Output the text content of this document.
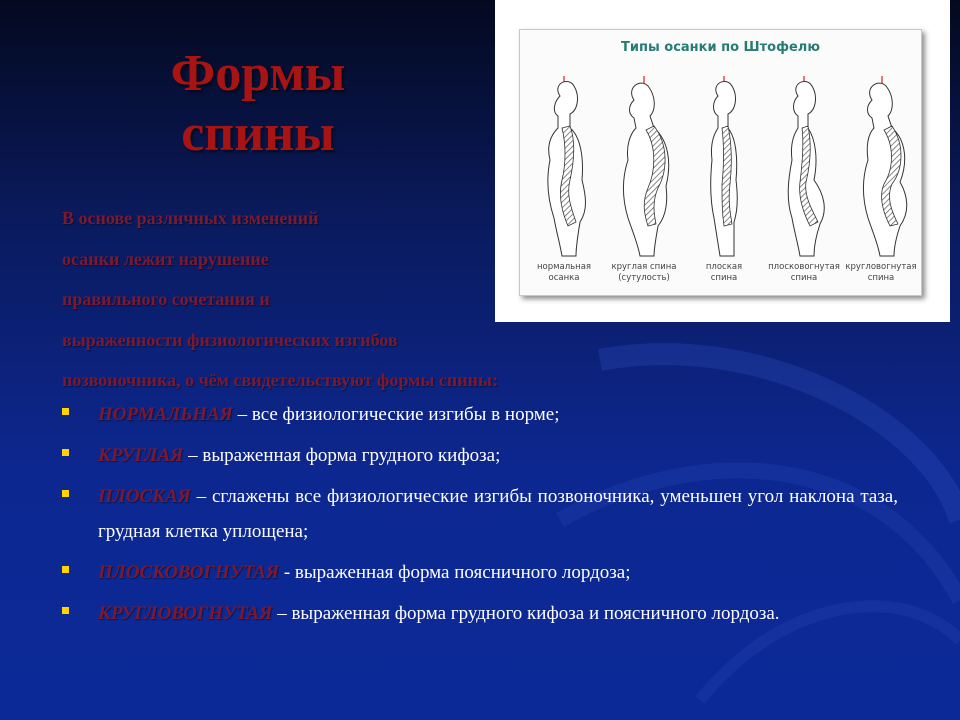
Формы
спины
В основе различных изменений
осанки лежит нарушение
правильного сочетания и
выраженности физиологических изгибов
позвоночника, о чём свидетельствуют формы спины:
НОРМАЛЬНАЯ – все физиологические изгибы в норме;
КРУГЛАЯ – выраженная форма грудного кифоза;
ПЛОСКАЯ – сглажены все физиологические изгибы позвоночника, уменьшен угол наклона таза, грудная клетка уплощена;
ПЛОСКОВОГНУТАЯ - выраженная форма поясничного лордоза;
КРУГЛОВОГНУТАЯ – выраженная форма грудного кифоза и поясничного лордоза.
Типы осанки по Штофелю
нормальная
осанка
круглая спина
(сутулость)
плоская
спина
плосковогнутая
спина
кругловогнутая
спина
